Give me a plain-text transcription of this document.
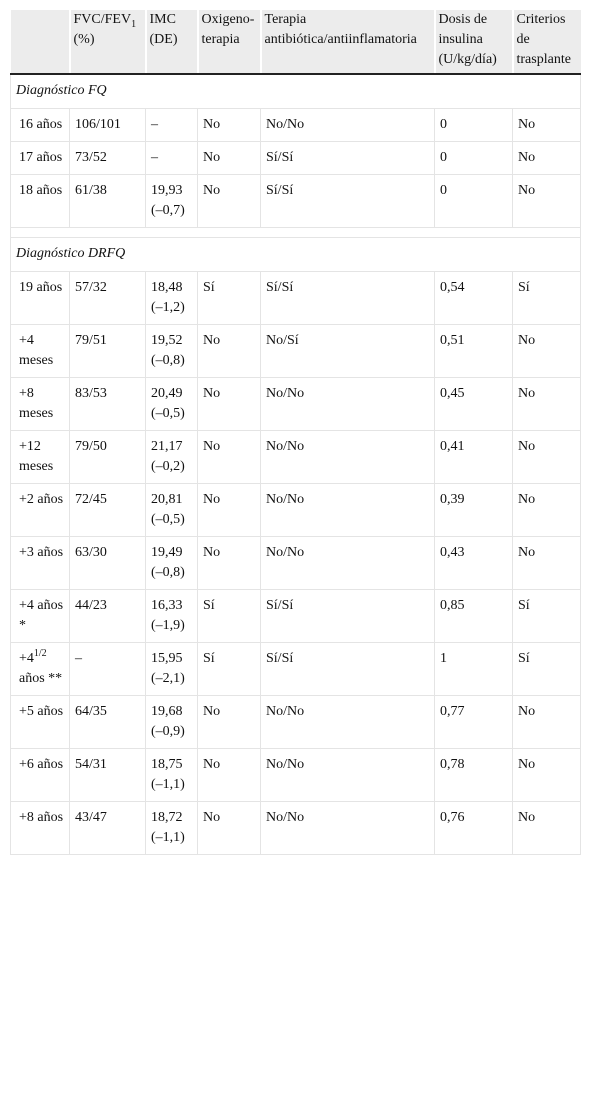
	FVC/$FEV_1$ (%)	IMC (DE)	Oxigeno-terapia	Terapia antibiótica/antiinflamatoria	Dosis de insulina (U/kg/día)	Criterios de trasplante
Diagnóstico FQ						
16 años	106/101	–	No	No/No	0	No
17 años	73/52	–	No	Sí/Sí	0	No
18 años	61/38	19,93 (–0,7)	No	Sí/Sí	0	No

Diagnóstico DRFQ						
19 años	57/32	18,48 (–1,2)	Sí	Sí/Sí	0,54	Sí
+4 meses	79/51	19,52 (–0,8)	No	No/Sí	0,51	No
+8 meses	83/53	20,49 (–0,5)	No	No/No	0,45	No
+12 meses	79/50	21,17 (–0,2)	No	No/No	0,41	No
+2 años	72/45	20,81 (–0,5)	No	No/No	0,39	No
+3 años	63/30	19,49 (–0,8)	No	No/No	0,43	No
+4 años *	44/23	16,33 (–1,9)	Sí	Sí/Sí	0,85	Sí
$+4^{1/2}$ años **	–	15,95 (–2,1)	Sí	Sí/Sí	1	Sí
+5 años	64/35	19,68 (–0,9)	No	No/No	0,77	No
+6 años	54/31	18,75 (–1,1)	No	No/No	0,78	No
+8 años	43/47	18,72 (–1,1)	No	No/No	0,76	No
